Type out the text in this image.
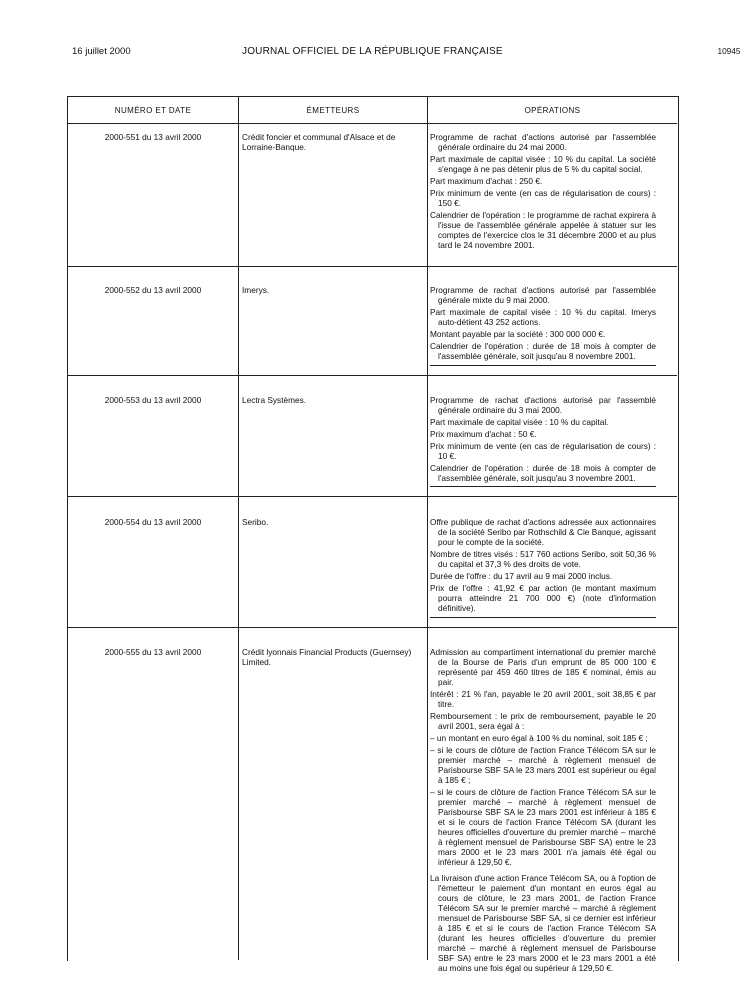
16 juillet 2000	JOURNAL OFFICIEL DE LA RÉPUBLIQUE FRANÇAISE	10945
NUMÉRO ET DATE	ÉMETTEURS	OPÉRATIONS
2000-551 du 13 avril 2000	Crédit foncier et communal d'Alsace et de Lorraine-Banque.

Programme de rachat d'actions autorisé par l'assemblée générale ordinaire du 24 mai 2000.

Part maximale de capital visée : 10 % du capital. La société s'engage à ne pas détenir plus de 5 % du capital social.

Part maximum d'achat : 250 €.

Prix minimum de vente (en cas de régularisation de cours) : 150 €.

Calendrier de l'opération : le programme de rachat expirera à l'issue de l'assemblée générale appelée à statuer sur les comptes de l'exercice clos le 31 décembre 2000 et au plus tard le 24 novembre 2001.

2000-552 du 13 avril 2000	Imerys.	Programme de rachat d'actions autorisé par l'assemblée générale mixte du 9 mai 2000.

Part maximale de capital visée : 10 % du capital. Imerys auto-détient 43 252 actions.

Montant payable par la société : 300 000 000 €.

Calendrier de l'opération : durée de 18 mois à compter de l'assemblée générale, soit jusqu'au 8 novembre 2001.

2000-553 du 13 avril 2000	Lectra Systèmes.	Programme de rachat d'actions autorisé par l'assemblé générale ordinaire du 3 mai 2000.

Part maximale de capital visée : 10 % du capital.

Prix maximum d'achat : 50 €.

Prix minimum de vente (en cas de régularisation de cours) : 10 €.

Calendrier de l'opération : durée de 18 mois à compter de l'assemblée générale, soit jusqu'au 3 novembre 2001.

2000-554 du 13 avril 2000	Seribo.	Offre publique de rachat d'actions adressée aux actionnaires de la société Seribo par Rothschild & Cie Banque, agissant pour le compte de la société.

Nombre de titres visés : 517 760 actions Seribo, soit 50,36 % du capital et 37,3 % des droits de vote.

Durée de l'offre : du 17 avril au 9 mai 2000 inclus.

Prix de l'offre : 41,92 € par action (le montant maximum pourra atteindre 21 700 000 €) (note d'information définitive).

2000-555 du 13 avril 2000	Crédit lyonnais Financial Products (Guernsey) Limited.

Admission au compartiment international du premier marché de la Bourse de Paris d'un emprunt de 85 000 100 € représenté par 459 460 titres de 185 € nominal, émis au pair.

Intérêt : 21 % l'an, payable le 20 avril 2001, soit 38,85 € par titre.

Remboursement : le prix de remboursement, payable le 20 avril 2001, sera égal à :

– un montant en euro égal à 100 % du nominal, soit 185 € ;

– si le cours de clôture de l'action France Télécom SA sur le premier marché – marché à règlement mensuel de Parisbourse SBF SA le 23 mars 2001 est supérieur ou égal à 185 € ;

– si le cours de clôture de l'action France Télécom SA sur le premier marché – marché à règlement mensuel de Parisbourse SBF SA le 23 mars 2001 est inférieur à 185 € et si le cours de l'action France Télécom SA (durant les heures officielles d'ouverture du premier marché – marché à règlement mensuel de Parisbourse SBF SA) entre le 23 mars 2000 et le 23 mars 2001 n'a jamais été égal ou inférieur à 129,50 €.

La livraison d'une action France Télécom SA, ou à l'option de l'émetteur le paiement d'un montant en euros égal au cours de clôture, le 23 mars 2001, de l'action France Télécom SA sur le premier marché – marché à règlement mensuel de Parisbourse SBF SA, si ce dernier est inférieur à 185 € et si le cours de l'action France Télécom SA (durant les heures officielles d'ouverture du premier marché – marché à règlement mensuel de Parisbourse SBF SA) entre le 23 mars 2000 et le 23 mars 2001 a été au moins une fois égal ou supérieur à 129,50 €.
